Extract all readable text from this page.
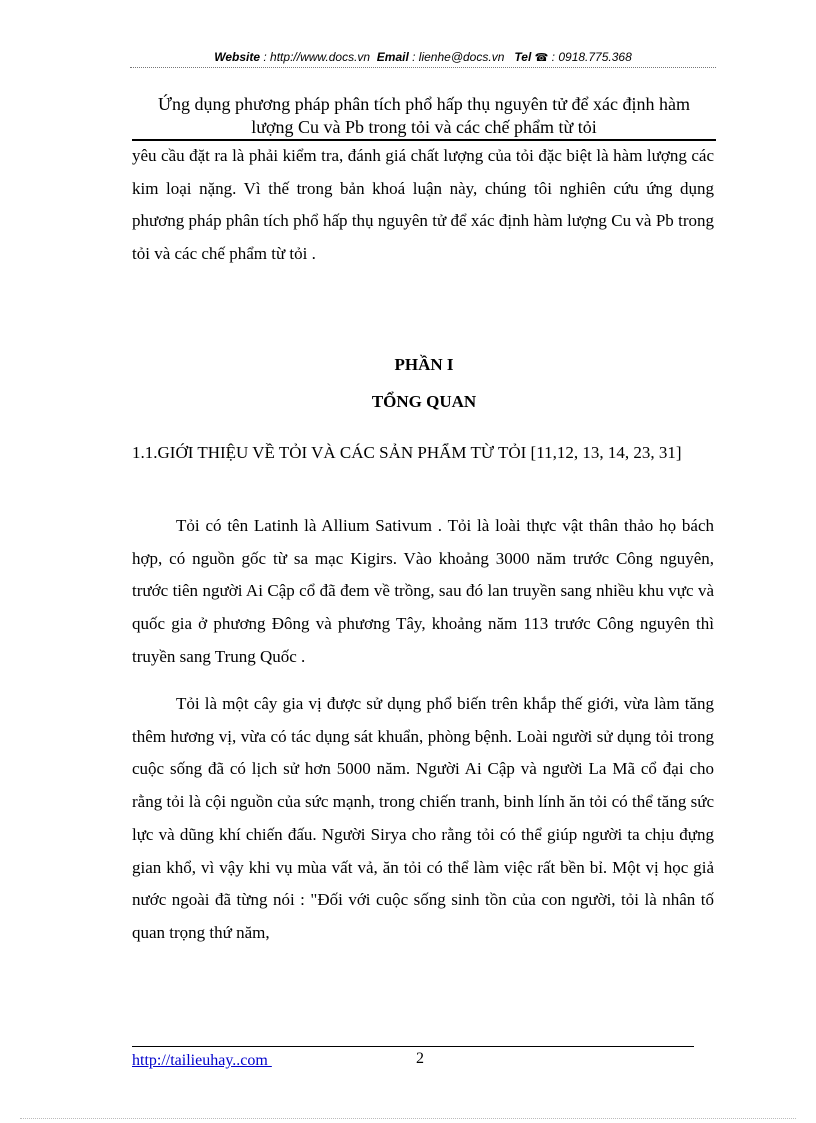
Website : http://www.docs.vn Email : lienhe@docs.vn Tel ☎ : 0918.775.368
Ứng dụng phương pháp phân tích phổ hấp thụ nguyên tử để xác định hàm
lượng Cu và Pb trong tỏi và các chế phẩm từ tỏi
yêu cầu đặt ra là phải kiểm tra, đánh giá chất lượng của tỏi đặc biệt là hàm lượng các kim loại nặng. Vì thế trong bản khoá luận này, chúng tôi nghiên cứu ứng dụng phương pháp phân tích phổ hấp thụ nguyên tử để xác định hàm lượng Cu và Pb trong tỏi và các chế phẩm từ tỏi .
PHẦN I
TỔNG QUAN
1.1.GIỚI THIỆU VỀ TỎI VÀ CÁC SẢN PHẨM TỪ TỎI [11,12, 13, 14, 23, 31]
Tỏi có tên Latinh là Allium Sativum . Tỏi là loài thực vật thân thảo họ bách hợp, có nguồn gốc từ sa mạc Kigirs. Vào khoảng 3000 năm trước Công nguyên, trước tiên người Ai Cập cổ đã đem về trồng, sau đó lan truyền sang nhiều khu vực và quốc gia ở phương Đông và phương Tây, khoảng năm 113 trước Công nguyên thì truyền sang Trung Quốc .
Tỏi là một cây gia vị được sử dụng phổ biến trên khắp thế giới, vừa làm tăng thêm hương vị, vừa có tác dụng sát khuẩn, phòng bệnh. Loài người sử dụng tỏi trong cuộc sống đã có lịch sử hơn 5000 năm. Người Ai Cập và người La Mã cổ đại cho rằng tỏi là cội nguồn của sức mạnh, trong chiến tranh, binh lính ăn tỏi có thể tăng sức lực và dũng khí chiến đấu. Người Sirya cho rằng tỏi có thể giúp người ta chịu đựng gian khổ, vì vậy khi vụ mùa vất vả, ăn tỏi có thể làm việc rất bền bỉ. Một vị học giả nước ngoài đã từng nói : "Đối với cuộc sống sinh tồn của con người, tỏi là nhân tố quan trọng thứ năm,
http://tailieuhay..com	2
